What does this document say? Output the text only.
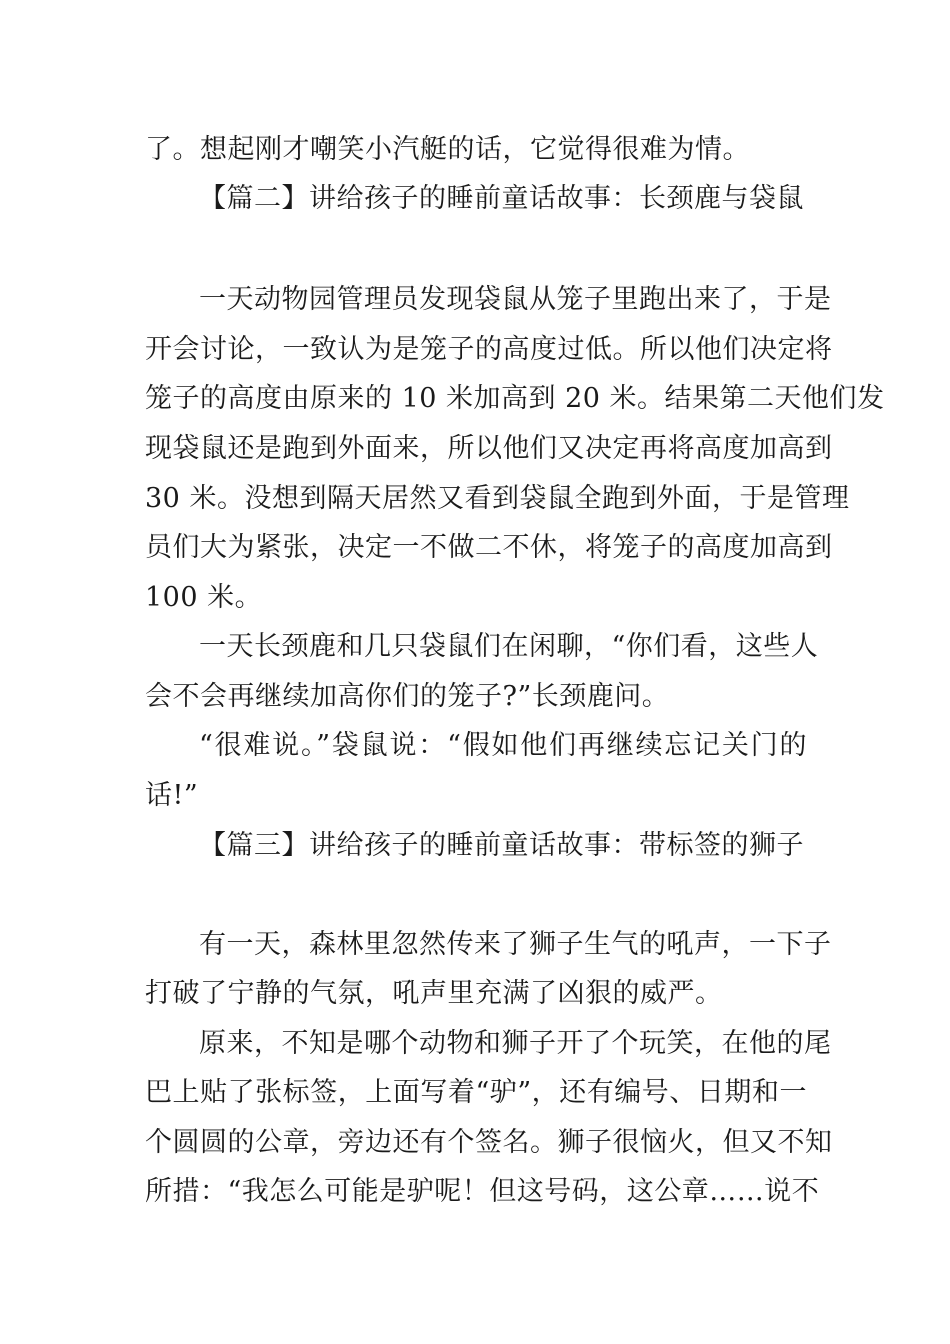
了。想起刚才嘲笑小汽艇的话，它觉得很难为情。
【篇二】讲给孩子的睡前童话故事：长颈鹿与袋鼠
一天动物园管理员发现袋鼠从笼子里跑出来了，于是
开会讨论，一致认为是笼子的高度过低。所以他们决定将
笼子的高度由原来的 10 米加高到 20 米。结果第二天他们发
现袋鼠还是跑到外面来，所以他们又决定再将高度加高到
30 米。没想到隔天居然又看到袋鼠全跑到外面，于是管理
员们大为紧张，决定一不做二不休，将笼子的高度加高到
100 米。
一天长颈鹿和几只袋鼠们在闲聊，“你们看，这些人
会不会再继续加高你们的笼子?”长颈鹿问。
“很难说。”袋鼠说：“假如他们再继续忘记关门的
话!”
【篇三】讲给孩子的睡前童话故事：带标签的狮子
有一天，森林里忽然传来了狮子生气的吼声，一下子
打破了宁静的气氛，吼声里充满了凶狠的威严。
原来，不知是哪个动物和狮子开了个玩笑，在他的尾
巴上贴了张标签，上面写着“驴”，还有编号、日期和一
个圆圆的公章，旁边还有个签名。狮子很恼火，但又不知
所措：“我怎么可能是驴呢！但这号码，这公章……说不
